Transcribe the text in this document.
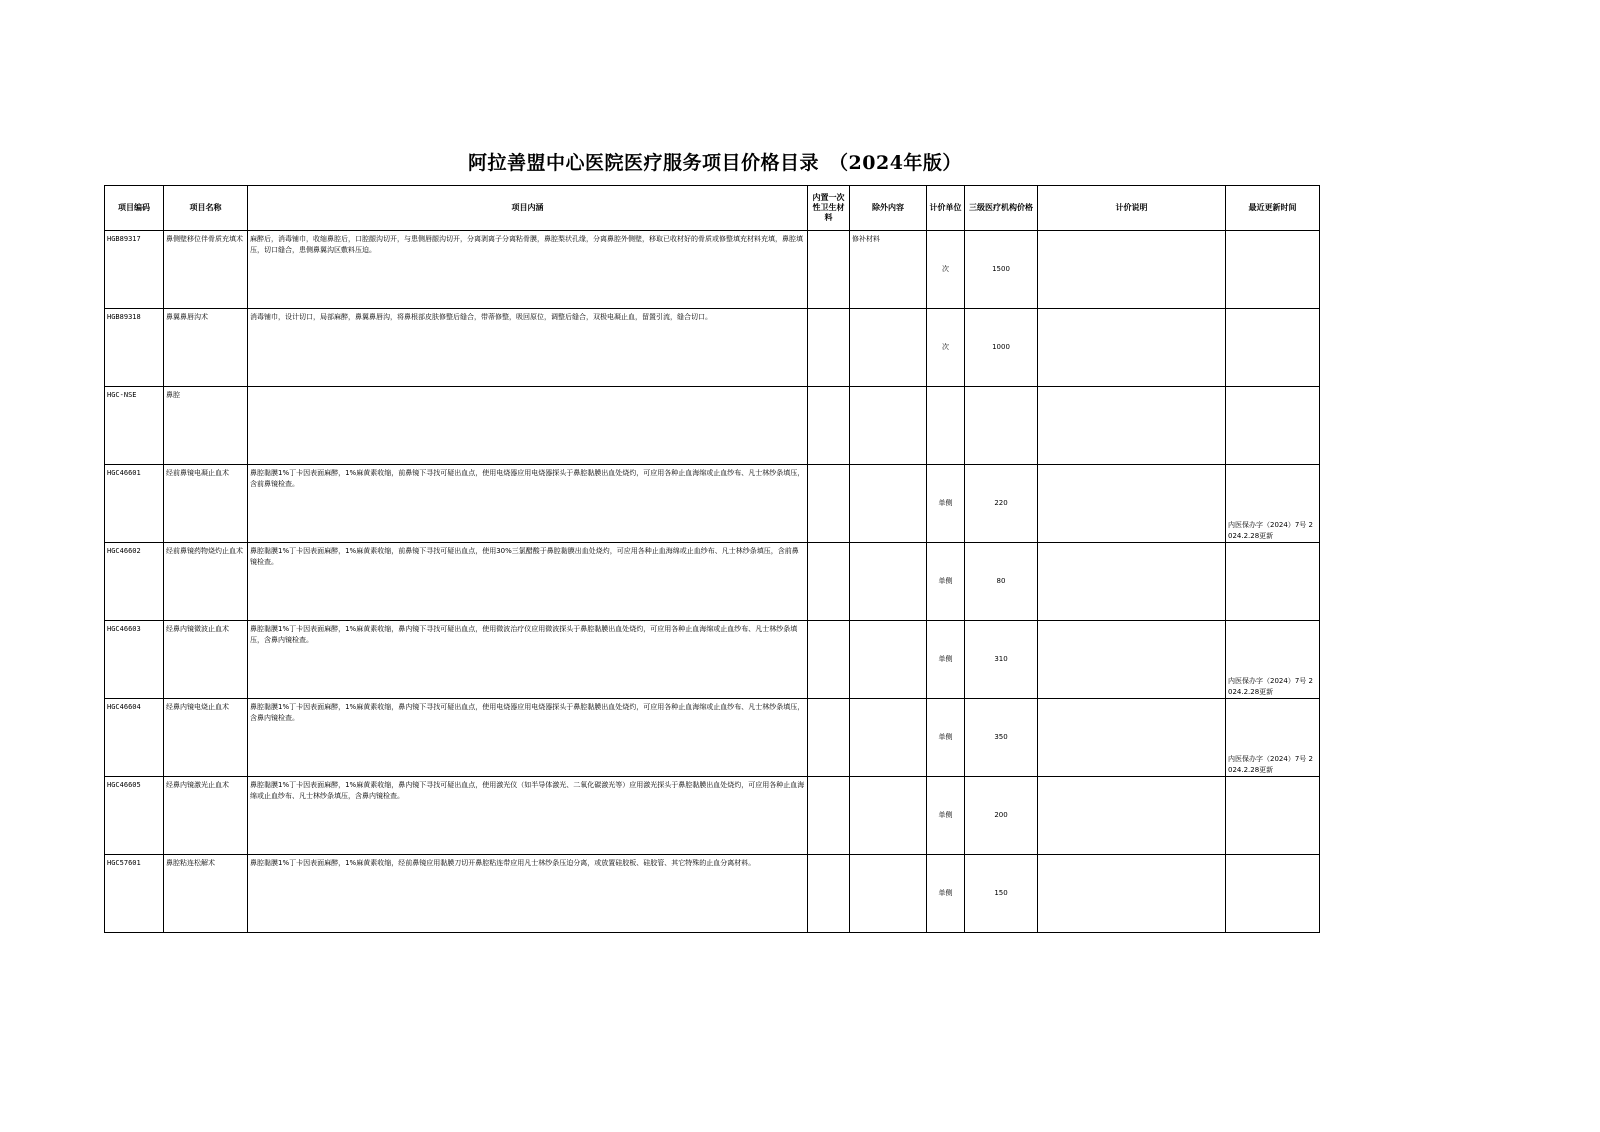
阿拉善盟中心医院医疗服务项目价格目录　（2024年版）
项目编码	项目名称	项目内涵	内置一次性卫生材料	除外内容	计价单位	三级医疗机构价格	计价说明	最近更新时间
HGB89317	鼻侧壁移位伴骨质充填术	麻醉后，消毒铺巾，收缩鼻腔后，口腔龈沟切开，与患侧唇龈沟切开，分离剥离子分离粘骨膜，鼻腔梨状孔缘，分离鼻腔外侧壁，移取已收材好的骨质或修整填充材料充填，鼻腔填压，切口缝合，患侧鼻翼沟区敷料压迫。		修补材料	次	1500		
HGB89318	鼻翼鼻唇沟术	消毒铺巾，设计切口，局部麻醉，鼻翼鼻唇沟，将鼻根部皮肤修整后缝合，带蒂修整，吸回原位，调整后缝合，双极电凝止血，留置引流，缝合切口。			次	1000		
HGC-NSE	鼻腔							
HGC46601	经前鼻镜电凝止血术	鼻腔黏膜1%丁卡因表面麻醉，1%麻黄素收缩，前鼻镜下寻找可疑出血点，使用电烧器应用电烧器探头于鼻腔黏膜出血处烧灼，可应用各种止血海绵或止血纱布、凡士林纱条填压，含前鼻镜检查。			单侧	220		内医保办字（2024）7号 2024.2.28更新
HGC46602	经前鼻镜药物烧灼止血术	鼻腔黏膜1%丁卡因表面麻醉，1%麻黄素收缩，前鼻镜下寻找可疑出血点，使用30%三氯醋酸于鼻腔黏膜出血处烧灼，可应用各种止血海绵或止血纱布、凡士林纱条填压，含前鼻镜检查。			单侧	80		
HGC46603	经鼻内镜微波止血术	鼻腔黏膜1%丁卡因表面麻醉，1%麻黄素收缩，鼻内镜下寻找可疑出血点，使用微波治疗仪应用微波探头于鼻腔黏膜出血处烧灼，可应用各种止血海绵或止血纱布、凡士林纱条填压，含鼻内镜检查。			单侧	310		内医保办字（2024）7号 2024.2.28更新
HGC46604	经鼻内镜电烧止血术	鼻腔黏膜1%丁卡因表面麻醉，1%麻黄素收缩，鼻内镜下寻找可疑出血点，使用电烧器应用电烧器探头于鼻腔黏膜出血处烧灼，可应用各种止血海绵或止血纱布、凡士林纱条填压，含鼻内镜检查。			单侧	350		内医保办字（2024）7号 2024.2.28更新
HGC46605	经鼻内镜激光止血术	鼻腔黏膜1%丁卡因表面麻醉，1%麻黄素收缩，鼻内镜下寻找可疑出血点，使用激光仪（如半导体激光、二氧化碳激光等）应用激光探头于鼻腔黏膜出血处烧灼，可应用各种止血海绵或止血纱布、凡士林纱条填压，含鼻内镜检查。			单侧	200		
HGC57601	鼻腔粘连松解术	鼻腔黏膜1%丁卡因表面麻醉，1%麻黄素收缩，经前鼻镜应用黏膜刀切开鼻腔粘连带应用凡士林纱条压迫分离，或放置硅胶板、硅胶管、其它特殊的止血分离材料。			单侧	150		
